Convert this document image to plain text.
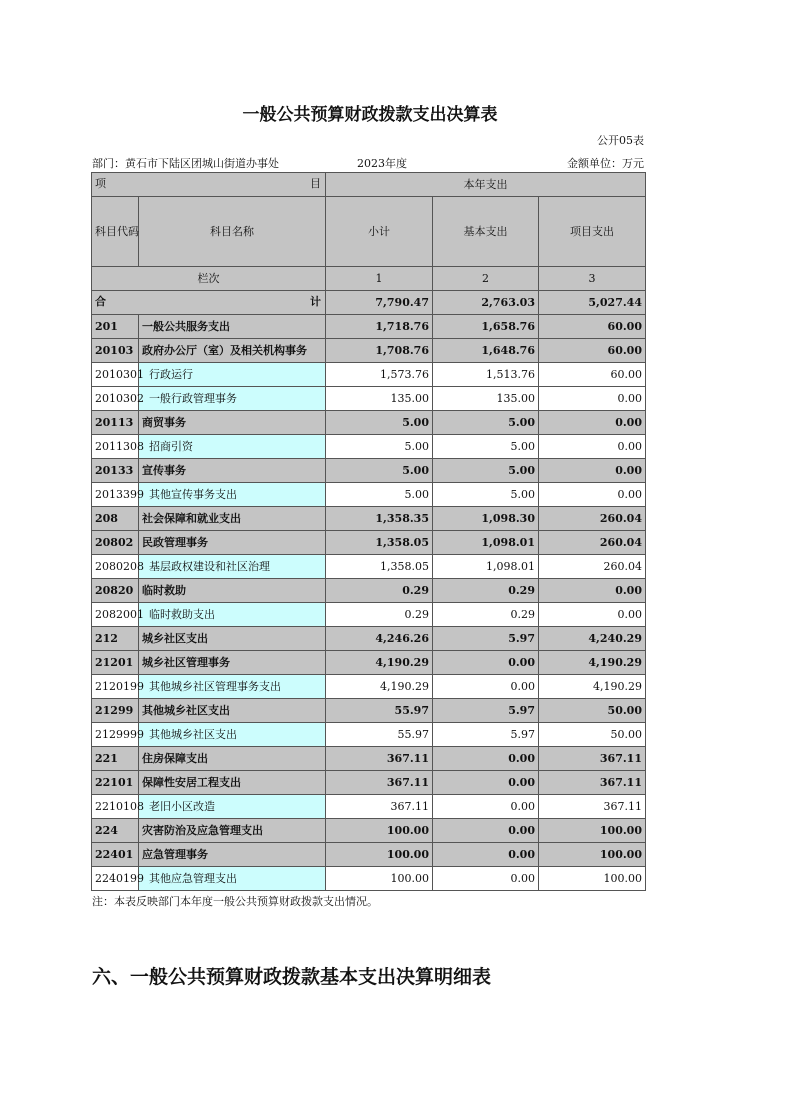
一般公共预算财政拨款支出决算表
公开05表
部门：黄石市下陆区团城山街道办事处	2023年度	金额单位：万元
项 目		本年支出		
科目代码	科目名称	小计	基本支出	项目支出
栏次		1	2	3

合 计		7,790.47	2,763.03	5,027.44
201	一般公共服务支出	1,718.76	1,658.76	60.00
20103	政府办公厅（室）及相关机构事务	1,708.76	1,648.76	60.00
2010301	行政运行	1,573.76	1,513.76	60.00
2010302	一般行政管理事务	135.00	135.00	0.00
20113	商贸事务	5.00	5.00	0.00
2011308	招商引资	5.00	5.00	0.00
20133	宣传事务	5.00	5.00	0.00
2013399	其他宣传事务支出	5.00	5.00	0.00
208	社会保障和就业支出	1,358.35	1,098.30	260.04
20802	民政管理事务	1,358.05	1,098.01	260.04
2080208	基层政权建设和社区治理	1,358.05	1,098.01	260.04
20820	临时救助	0.29	0.29	0.00
2082001	临时救助支出	0.29	0.29	0.00
212	城乡社区支出	4,246.26	5.97	4,240.29
21201	城乡社区管理事务	4,190.29	0.00	4,190.29
2120199	其他城乡社区管理事务支出	4,190.29	0.00	4,190.29
21299	其他城乡社区支出	55.97	5.97	50.00
2129999	其他城乡社区支出	55.97	5.97	50.00
221	住房保障支出	367.11	0.00	367.11
22101	保障性安居工程支出	367.11	0.00	367.11
2210108	老旧小区改造	367.11	0.00	367.11
224	灾害防治及应急管理支出	100.00	0.00	100.00
22401	应急管理事务	100.00	0.00	100.00
2240199	其他应急管理支出	100.00	0.00	100.00
注：本表反映部门本年度一般公共预算财政拨款支出情况。
六、一般公共预算财政拨款基本支出决算明细表
